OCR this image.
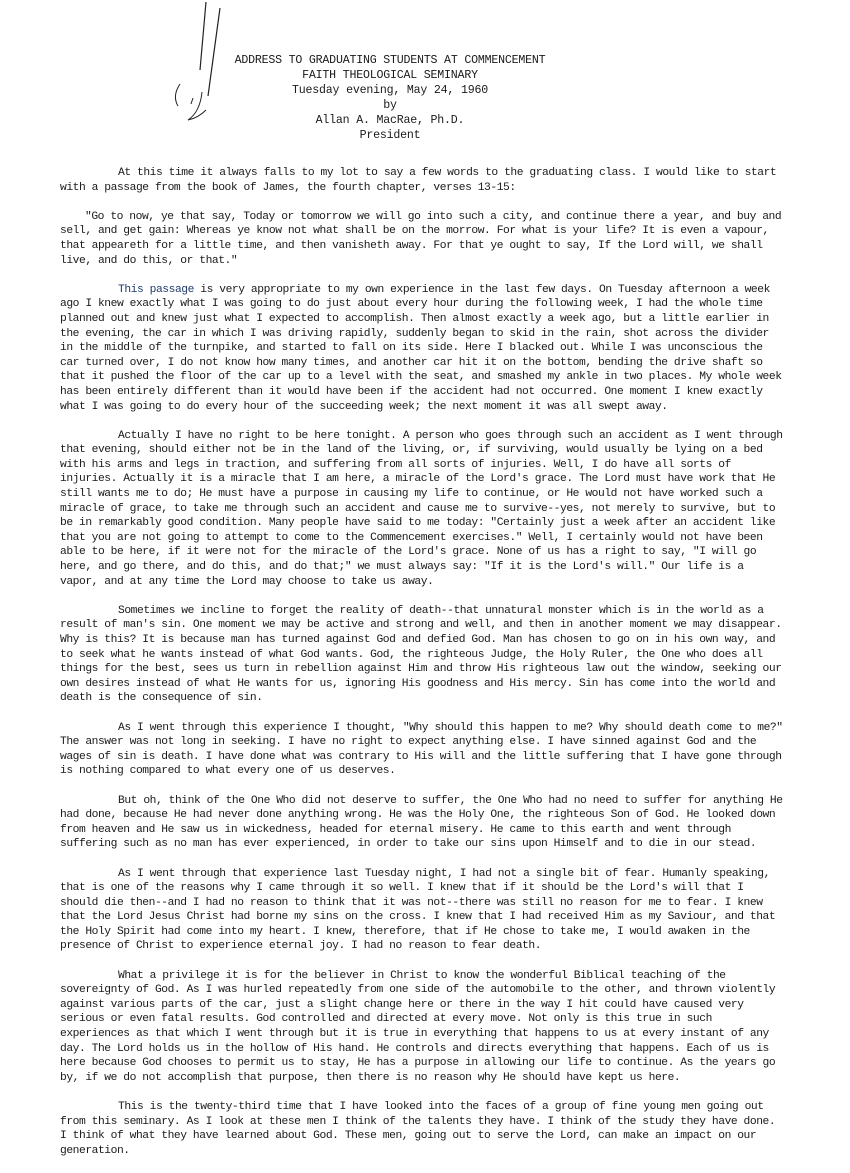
ADDRESS TO GRADUATING STUDENTS AT COMMENCEMENT
FAITH THEOLOGICAL SEMINARY
Tuesday evening, May 24, 1960
by
Allan A. MacRae, Ph.D.
President

At this time it always falls to my lot to say a few words to the graduating class. I would like to start with a passage from the book of James, the fourth chapter, verses 13-15:

"Go to now, ye that say, Today or tomorrow we will go into such a city, and continue there a year, and buy and sell, and get gain: Whereas ye know not what shall be on the morrow. For what is your life? It is even a vapour, that appeareth for a little time, and then vanisheth away. For that ye ought to say, If the Lord will, we shall live, and do this, or that."

This passage is very appropriate to my own experience in the last few days. On Tuesday afternoon a week ago I knew exactly what I was going to do just about every hour during the following week, I had the whole time planned out and knew just what I expected to accomplish. Then almost exactly a week ago, but a little earlier in the evening, the car in which I was driving rapidly, suddenly began to skid in the rain, shot across the divider in the middle of the turnpike, and started to fall on its side. Here I blacked out. While I was unconscious the car turned over, I do not know how many times, and another car hit it on the bottom, bending the drive shaft so that it pushed the floor of the car up to a level with the seat, and smashed my ankle in two places. My whole week has been entirely different than it would have been if the accident had not occurred. One moment I knew exactly what I was going to do every hour of the succeeding week; the next moment it was all swept away.

Actually I have no right to be here tonight. A person who goes through such an accident as I went through that evening, should either not be in the land of the living, or, if surviving, would usually be lying on a bed with his arms and legs in traction, and suffering from all sorts of injuries. Well, I do have all sorts of injuries. Actually it is a miracle that I am here, a miracle of the Lord's grace. The Lord must have work that He still wants me to do; He must have a purpose in causing my life to continue, or He would not have worked such a miracle of grace, to take me through such an accident and cause me to survive--yes, not merely to survive, but to be in remarkably good condition. Many people have said to me today: "Certainly just a week after an accident like that you are not going to attempt to come to the Commencement exercises." Well, I certainly would not have been able to be here, if it were not for the miracle of the Lord's grace. None of us has a right to say, "I will go here, and go there, and do this, and do that;" we must always say: "If it is the Lord's will." Our life is a vapor, and at any time the Lord may choose to take us away.

Sometimes we incline to forget the reality of death--that unnatural monster which is in the world as a result of man's sin. One moment we may be active and strong and well, and then in another moment we may disappear. Why is this? It is because man has turned against God and defied God. Man has chosen to go on in his own way, and to seek what he wants instead of what God wants. God, the righteous Judge, the Holy Ruler, the One who does all things for the best, sees us turn in rebellion against Him and throw His righteous law out the window, seeking our own desires instead of what He wants for us, ignoring His goodness and His mercy. Sin has come into the world and death is the consequence of sin.

As I went through this experience I thought, "Why should this happen to me? Why should death come to me?" The answer was not long in seeking. I have no right to expect anything else. I have sinned against God and the wages of sin is death. I have done what was contrary to His will and the little suffering that I have gone through is nothing compared to what every one of us deserves.

But oh, think of the One Who did not deserve to suffer, the One Who had no need to suffer for anything He had done, because He had never done anything wrong. He was the Holy One, the righteous Son of God. He looked down from heaven and He saw us in wickedness, headed for eternal misery. He came to this earth and went through suffering such as no man has ever experienced, in order to take our sins upon Himself and to die in our stead.

As I went through that experience last Tuesday night, I had not a single bit of fear. Humanly speaking, that is one of the reasons why I came through it so well. I knew that if it should be the Lord's will that I should die then--and I had no reason to think that it was not--there was still no reason for me to fear. I knew that the Lord Jesus Christ had borne my sins on the cross. I knew that I had received Him as my Saviour, and that the Holy Spirit had come into my heart. I knew, therefore, that if He chose to take me, I would awaken in the presence of Christ to experience eternal joy. I had no reason to fear death.

What a privilege it is for the believer in Christ to know the wonderful Biblical teaching of the sovereignty of God. As I was hurled repeatedly from one side of the automobile to the other, and thrown violently against various parts of the car, just a slight change here or there in the way I hit could have caused very serious or even fatal results. God controlled and directed at every move. Not only is this true in such experiences as that which I went through but it is true in everything that happens to us at every instant of any day. The Lord holds us in the hollow of His hand. He controls and directs everything that happens. Each of us is here because God chooses to permit us to stay, He has a purpose in allowing our life to continue. As the years go by, if we do not accomplish that purpose, then there is no reason why He should have kept us here.

This is the twenty-third time that I have looked into the faces of a group of fine young men going out from this seminary. As I look at these men I think of the talents they have. I think of the study they have done. I think of what they have learned about God. These men, going out to serve the Lord, can make an impact on our generation.
